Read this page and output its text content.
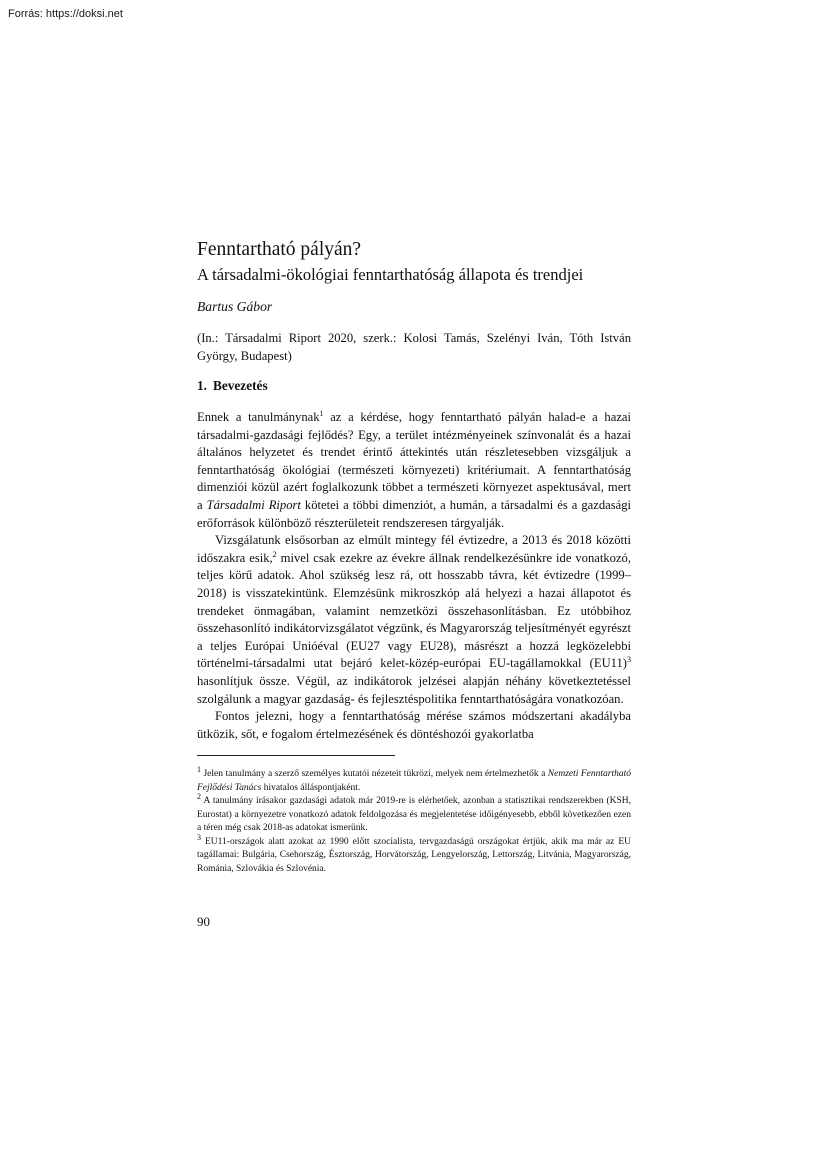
Forrás: https://doksi.net
Fenntartható pályán?
A társadalmi-ökológiai fenntarthatóság állapota és trendjei
Bartus Gábor
(In.: Társadalmi Riport 2020, szerk.: Kolosi Tamás, Szelényi Iván, Tóth István György, Budapest)
1. Bevezetés

Ennek a tanulmánynak$^1$ az a kérdése, hogy fenntartható pályán halad-e a hazai társadalmi-gazdasági fejlődés? Egy, a terület intézményeinek színvonalát és a hazai általános helyzetet és trendet érintő áttekintés után részletesebben vizsgáljuk a fenntarthatóság ökológiai (természeti környezeti) kritériumait. A fenntarthatóság dimenziói közül azért foglalkozunk többet a természeti környezet aspektusával, mert a Társadalmi Riport kötetei a többi dimenziót, a humán, a társadalmi és a gazdasági erőforrások különböző részterületeit rendszeresen tárgyalják.

Vizsgálatunk elsősorban az elmúlt mintegy fél évtizedre, a 2013 és 2018 közötti időszakra esik,$^2$ mivel csak ezekre az évekre állnak rendelkezésünkre ide vonatkozó, teljes körű adatok. Ahol szükség lesz rá, ott hosszabb távra, két évtizedre (1999–2018) is visszatekintünk. Elemzésünk mikroszkóp alá helyezi a hazai állapotot és trendeket önmagában, valamint nemzetközi összehasonlításban. Ez utóbbihoz összehasonlító indikátorvizsgálatot végzünk, és Magyarország teljesítményét egyrészt a teljes Európai Unióéval (EU27 vagy EU28), másrészt a hozzá legközelebbi történelmi-társadalmi utat bejáró kelet-közép-európai EU-tagállamokkal $(EU11)^3$ hasonlítjuk össze. Végül, az indikátorok jelzései alapján néhány következtetéssel szolgálunk a magyar gazdaság- és fejlesztéspolitika fenntarthatóságára vonatkozóan.

Fontos jelezni, hogy a fenntarthatóság mérése számos módszertani akadályba ütközik, sőt, e fogalom értelmezésének és döntéshozói gyakorlatba

$^1$ Jelen tanulmány a szerző személyes kutatói nézeteit tükrözi, melyek nem értelmezhetők a Nemzeti Fenntartható Fejlődési Tanács hivatalos álláspontjaként.

$^2$ A tanulmány írásakor gazdasági adatok már 2019-re is elérhetőek, azonban a statisztikai rendszerekben (KSH, Eurostat) a környezetre vonatkozó adatok feldolgozása és megjelentetése időigényesebb, ebből következően ezen a téren még csak 2018-as adatokat ismerünk.

$^3$ EU11-országok alatt azokat az 1990 előtt szocialista, tervgazdaságú országokat értjük, akik ma már az EU tagállamai: Bulgária, Csehország, Észtország, Horvátország, Lengyelország, Lettország, Litvánia, Magyarország, Románia, Szlovákia és Szlovénia.

90
